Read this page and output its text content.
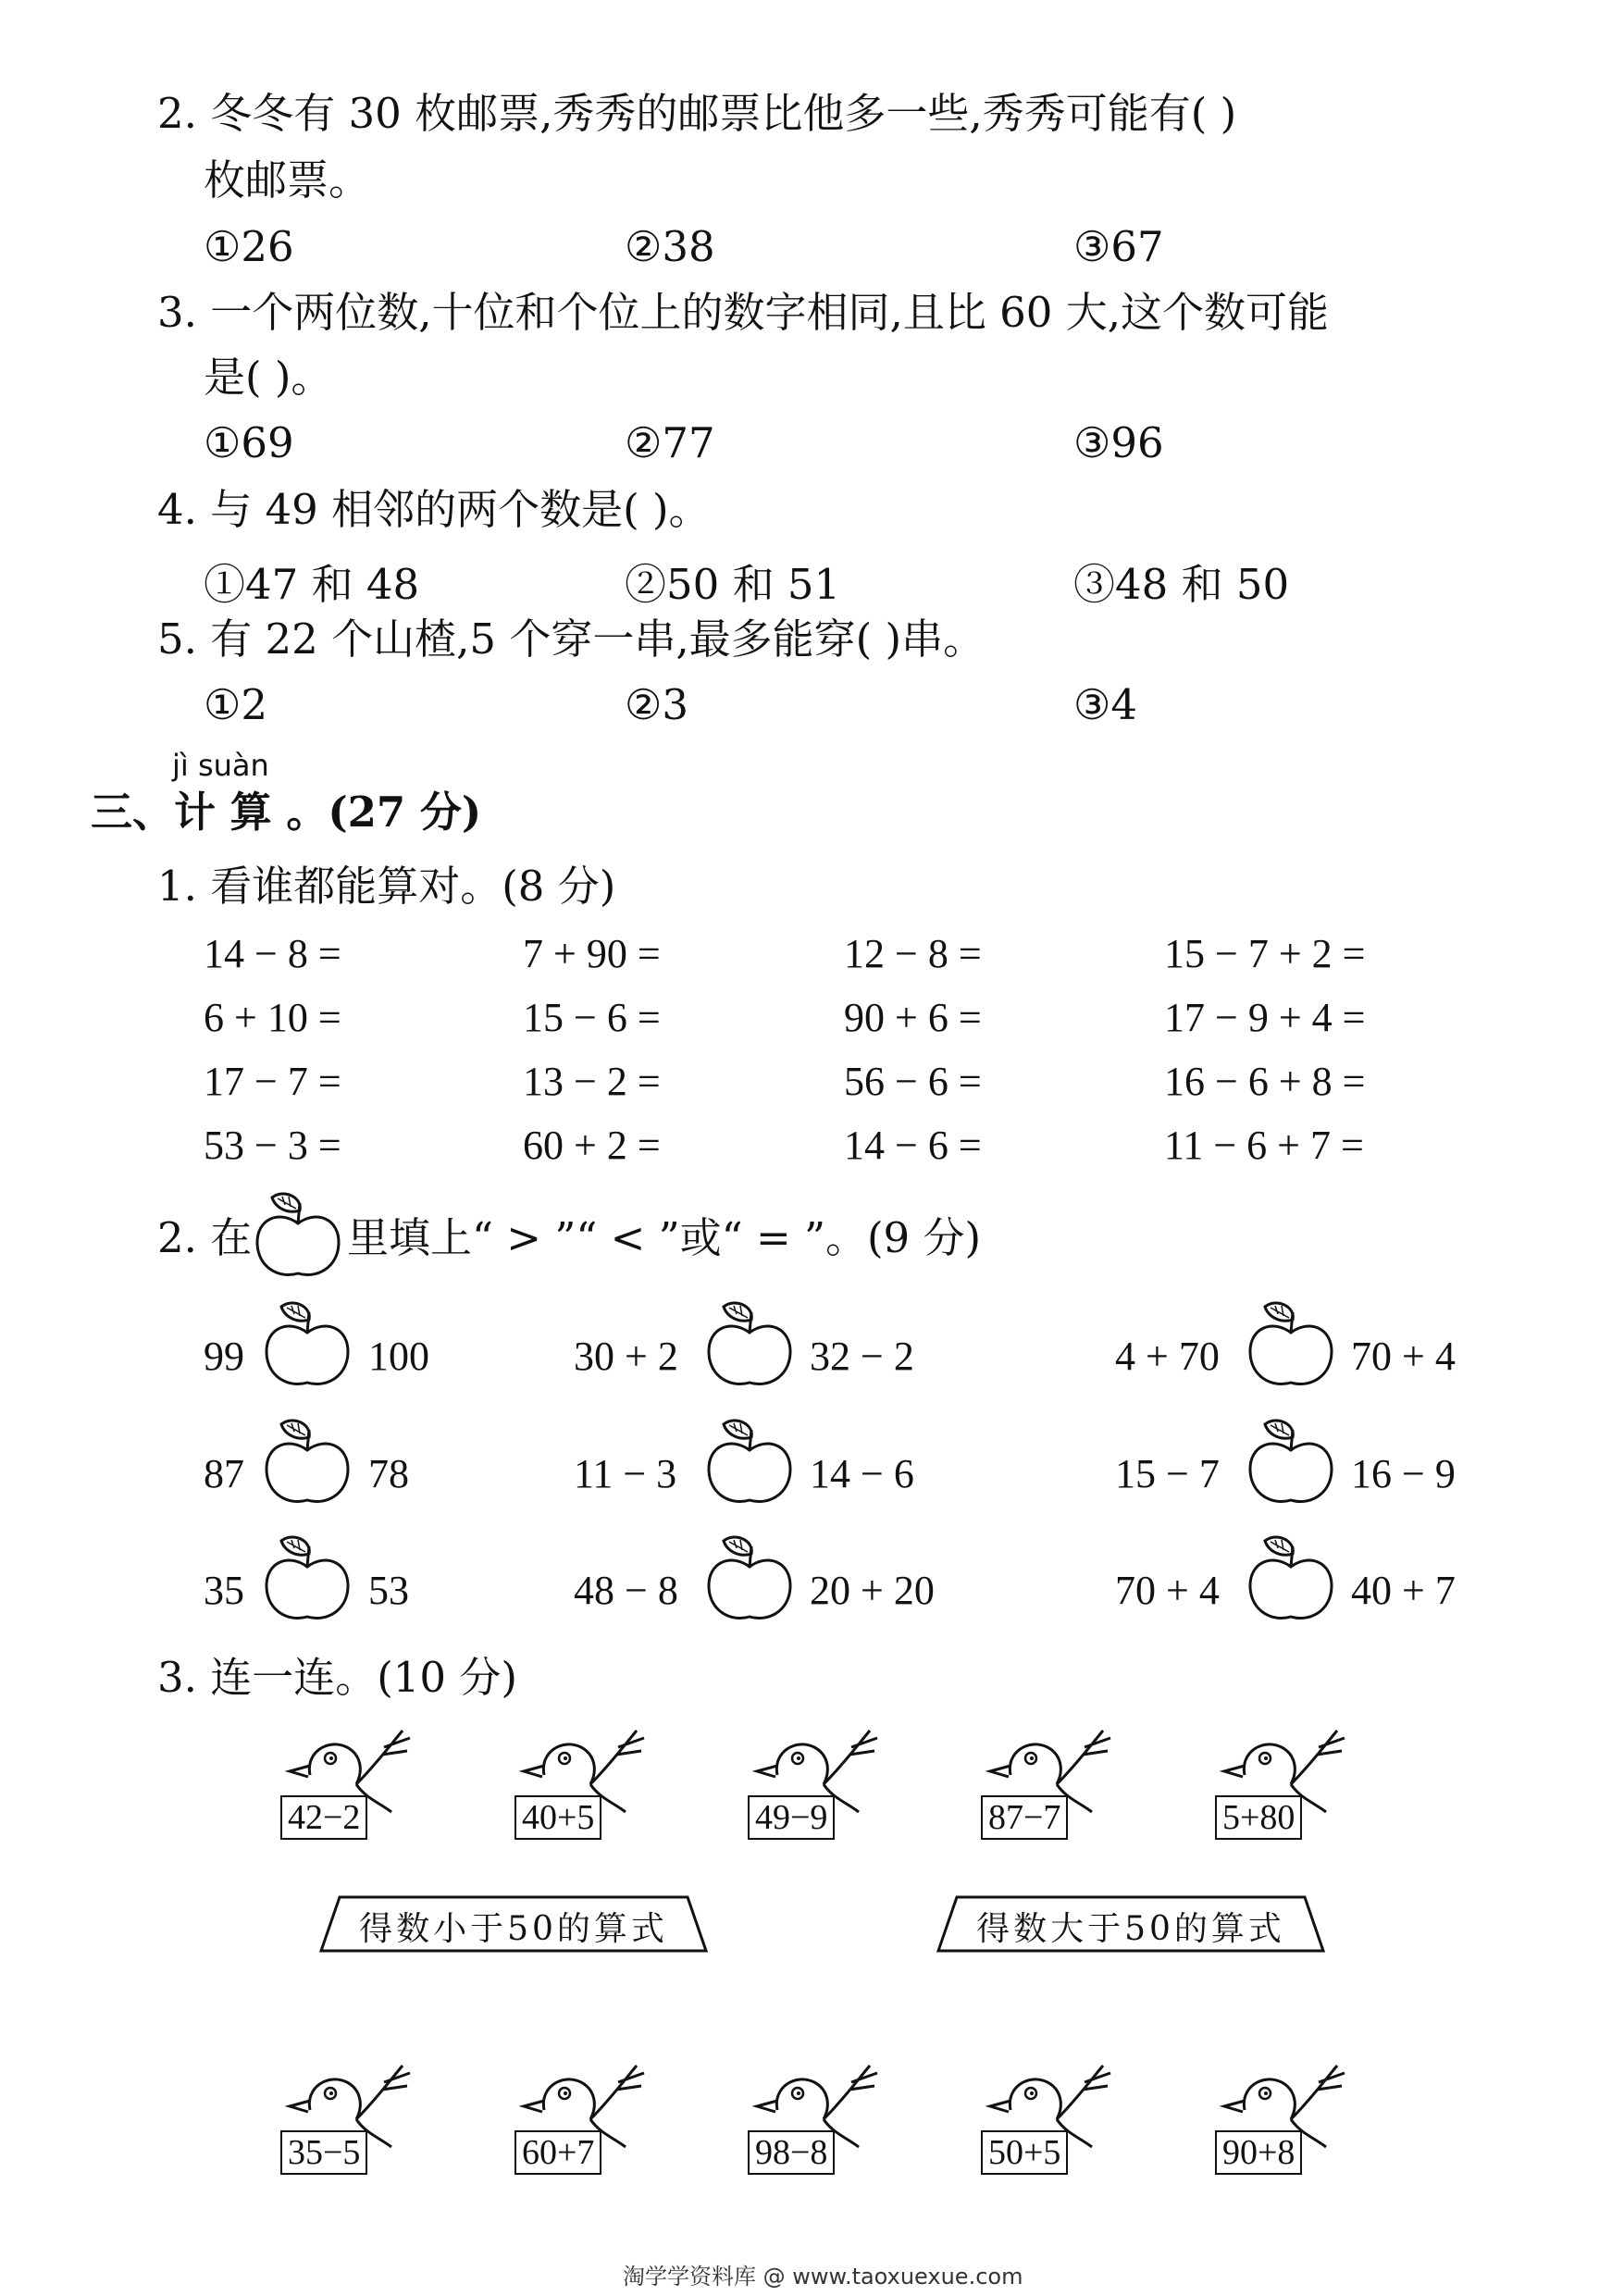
2. 冬冬有 30 枚邮票,秀秀的邮票比他多一些,秀秀可能有( )
枚邮票。
①26	②38	③67
3. 一个两位数,十位和个位上的数字相同,且比 60 大,这个数可能
是( )。
①69	②77	③96
4. 与 49 相邻的两个数是( )。
①47 和 48	②50 和 51	③48 和 50
5. 有 22 个山楂,5 个穿一串,最多能穿( )串。
①2	②3	③4
jì suàn
三、计 算 。(27 分)
1. 看谁都能算对。(8 分)
14 − 8 =	7 + 90 =	12 − 8 =	15 − 7 + 2 =
6 + 10 =	15 − 6 =	90 + 6 =	17 − 9 + 4 =
17 − 7 =	13 − 2 =	56 − 6 =	16 − 6 + 8 =
53 − 3 =	60 + 2 =	14 − 6 =	11 − 6 + 7 =
2. 在 里填上“ > ”“ < ”或“ = ”。(9 分)
99	100	30 + 2	32 − 2	4 + 70	70 + 4
87	78	11 − 3	14 − 6	15 − 7	16 − 9
35	53	48 − 8	20 + 20	70 + 4	40 + 7
3. 连一连。(10 分)
42−2	40+5	49−9	87−7	5+80
得数小于50的算式	得数大于50的算式
35−5	60+7	98−8	50+5	90+8
淘学学资料库 @ www.taoxuexue.com
